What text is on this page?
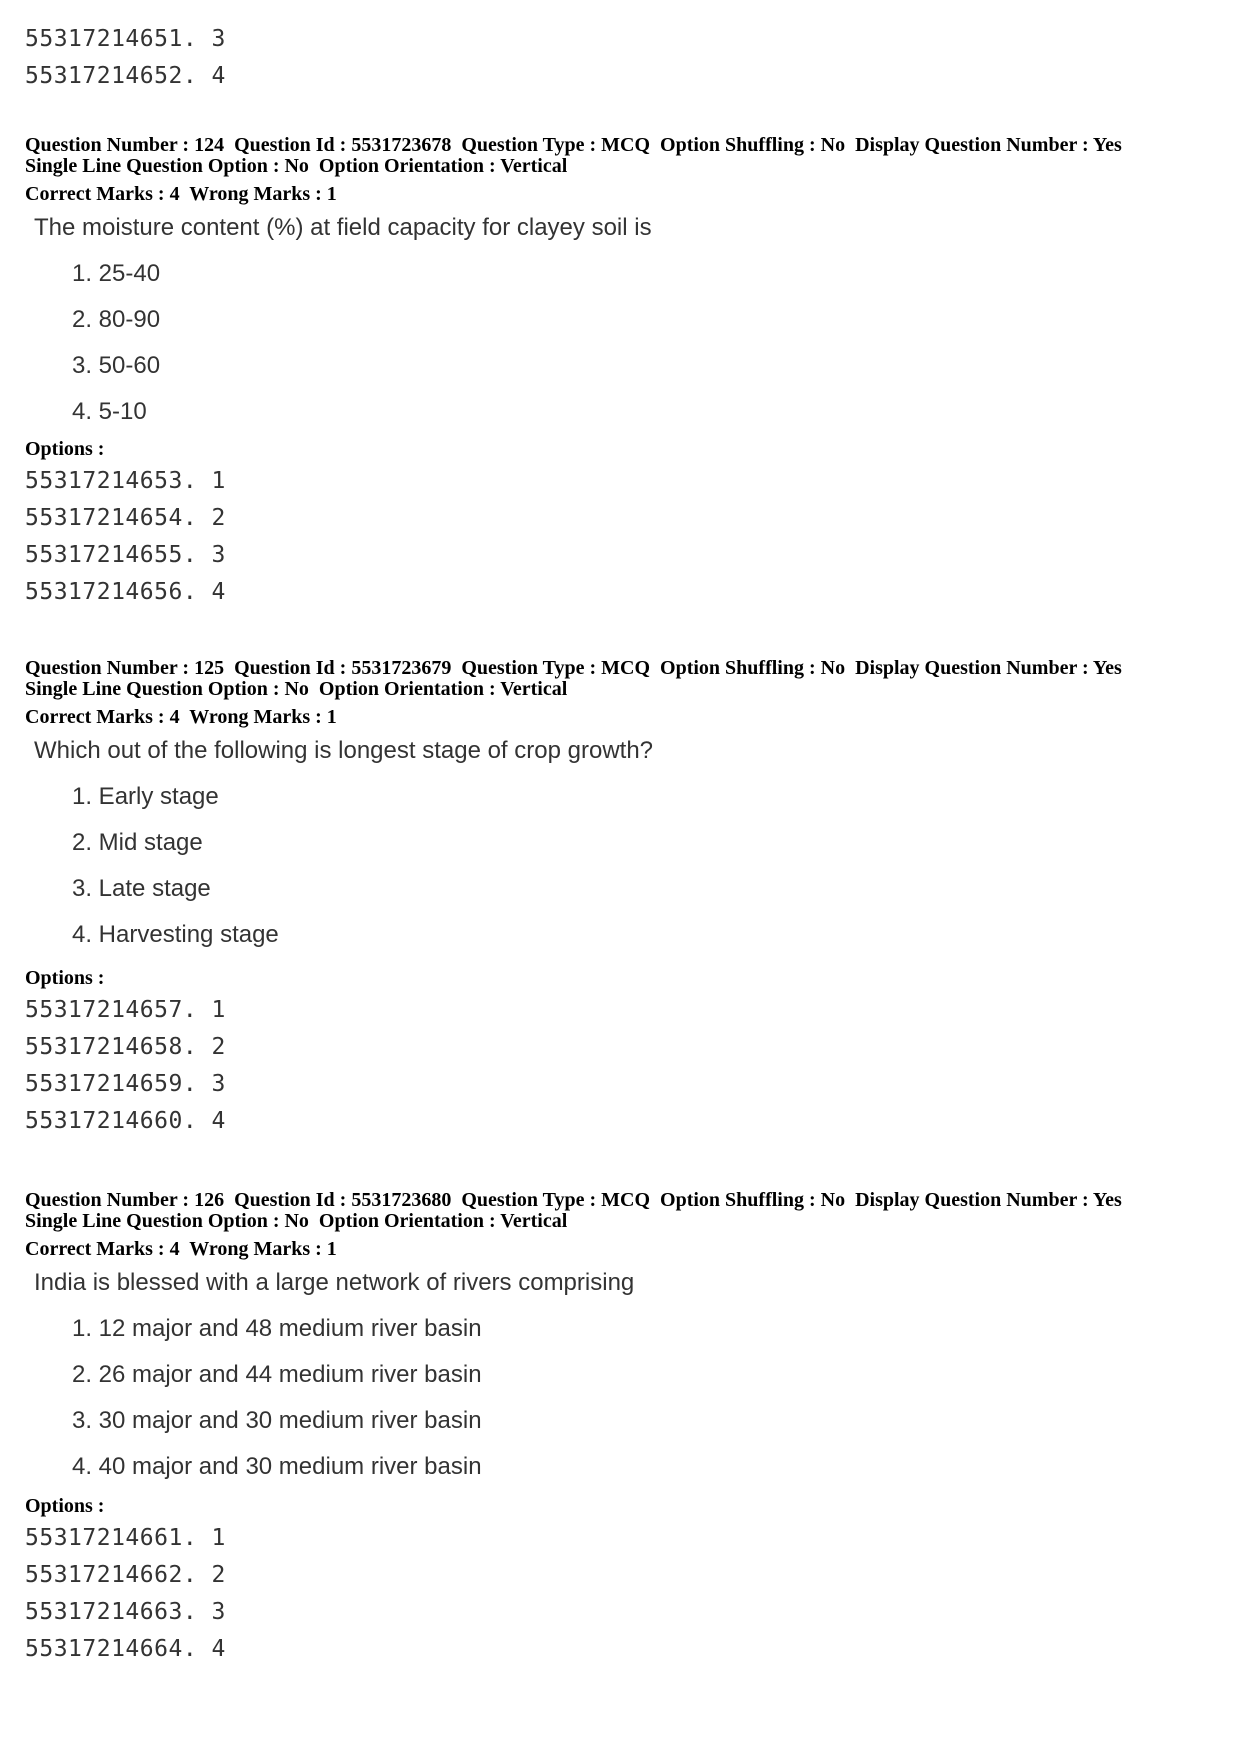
55317214651. 3
55317214652. 4
Question Number : 124  Question Id : 5531723678  Question Type : MCQ  Option Shuffling : No  Display Question Number : Yes
Single Line Question Option : No  Option Orientation : Vertical
Correct Marks : 4  Wrong Marks : 1
The moisture content (%) at field capacity for clayey soil is
1. 25-40
2. 80-90
3. 50-60
4. 5-10
Options :
55317214653. 1
55317214654. 2
55317214655. 3
55317214656. 4
Question Number : 125  Question Id : 5531723679  Question Type : MCQ  Option Shuffling : No  Display Question Number : Yes
Single Line Question Option : No  Option Orientation : Vertical
Correct Marks : 4  Wrong Marks : 1
Which out of the following is longest stage of crop growth?
1. Early stage
2. Mid stage
3. Late stage
4. Harvesting stage
Options :
55317214657. 1
55317214658. 2
55317214659. 3
55317214660. 4
Question Number : 126  Question Id : 5531723680  Question Type : MCQ  Option Shuffling : No  Display Question Number : Yes
Single Line Question Option : No  Option Orientation : Vertical
Correct Marks : 4  Wrong Marks : 1
India is blessed with a large network of rivers comprising
1. 12 major and 48 medium river basin
2. 26 major and 44 medium river basin
3. 30 major and 30 medium river basin
4. 40 major and 30 medium river basin
Options :
55317214661. 1
55317214662. 2
55317214663. 3
55317214664. 4
